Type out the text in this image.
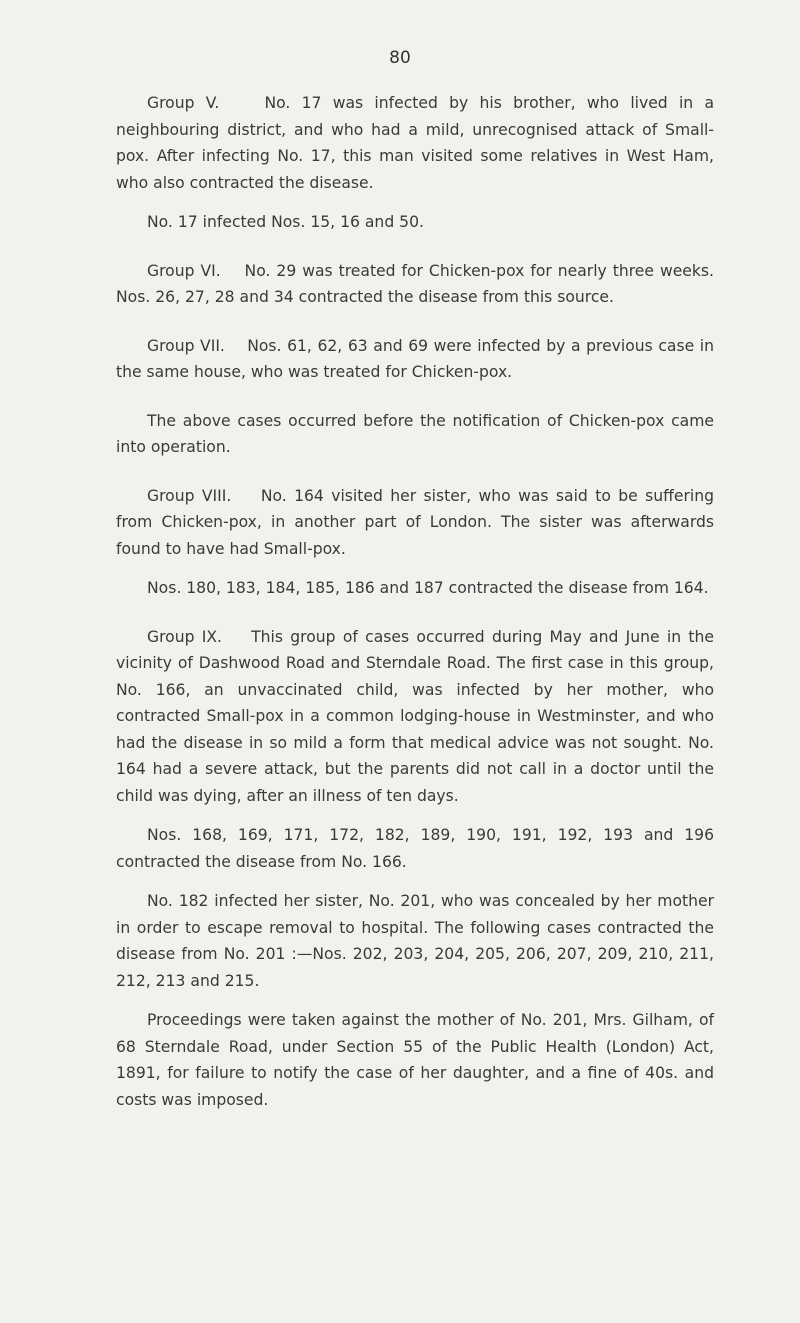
80

Group V.	No. 17 was infected by his brother, who lived in a neighbouring district, and who had a mild, unrecognised attack of Small-pox. After infecting No. 17, this man visited some relatives in West Ham, who also contracted the disease.

No. 17 infected Nos. 15, 16 and 50.

Group VI. No. 29 was treated for Chicken-pox for nearly three weeks. Nos. 26, 27, 28 and 34 contracted the disease from this source.

Group VII. Nos. 61, 62, 63 and 69 were infected by a previous case in the same house, who was treated for Chicken-pox.

The above cases occurred before the notification of Chicken-pox came into operation.

Group VIII. No. 164 visited her sister, who was said to be suffering from Chicken-pox, in another part of London. The sister was afterwards found to have had Small-pox.

Nos. 180, 183, 184, 185, 186 and 187 contracted the disease from 164.

Group IX. This group of cases occurred during May and June in the vicinity of Dashwood Road and Sterndale Road. The first case in this group, No. 166, an unvaccinated child, was infected by her mother, who contracted Small-pox in a common lodging-house in Westminster, and who had the disease in so mild a form that medical advice was not sought. No. 164 had a severe attack, but the parents did not call in a doctor until the child was dying, after an illness of ten days.

Nos. 168, 169, 171, 172, 182, 189, 190, 191, 192, 193 and 196 contracted the disease from No. 166.

No. 182 infected her sister, No. 201, who was concealed by her mother in order to escape removal to hospital. The following cases contracted the disease from No. 201 :—Nos. 202, 203, 204, 205, 206, 207, 209, 210, 211, 212, 213 and 215.

Proceedings were taken against the mother of No. 201, Mrs. Gilham, of 68 Sterndale Road, under Section 55 of the Public Health (London) Act, 1891, for failure to notify the case of her daughter, and a fine of 40s. and costs was imposed.
